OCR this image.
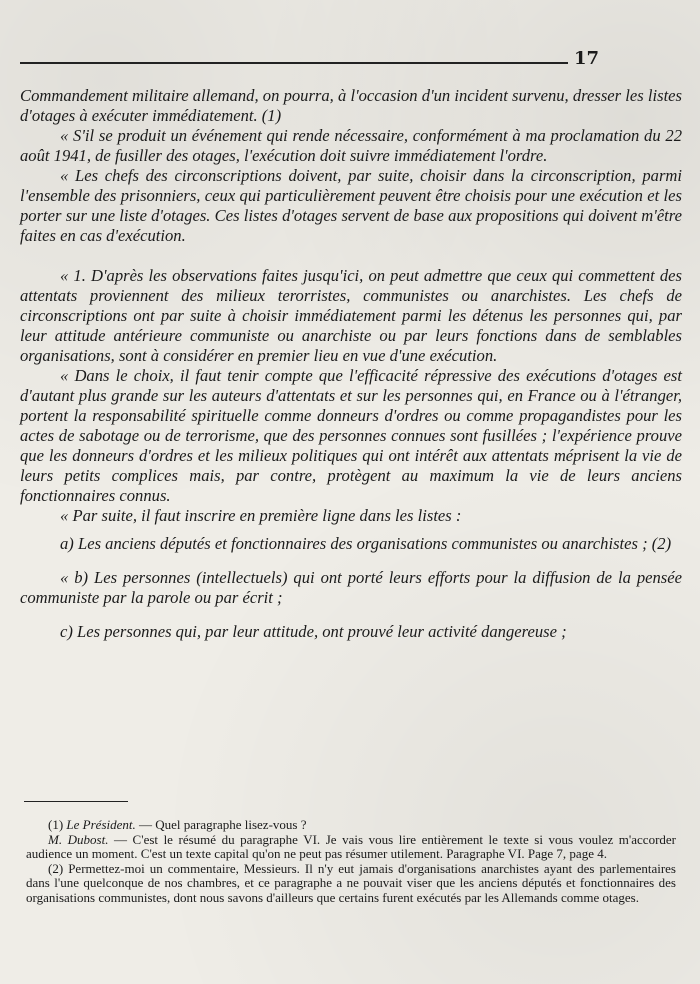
17

Commandement militaire allemand, on pourra, à l'occasion d'un incident survenu, dresser les listes d'otages à exécuter immédiatement. (1)

« S'il se produit un événement qui rende nécessaire, conformément à ma proclamation du 22 août 1941, de fusiller des otages, l'exécution doit suivre immédiatement l'ordre.

« Les chefs des circonscriptions doivent, par suite, choisir dans la circonscription, parmi l'ensemble des prisonniers, ceux qui particulièrement peuvent être choisis pour une exécution et les porter sur une liste d'otages. Ces listes d'otages servent de base aux propositions qui doivent m'être faites en cas d'exécution.

« 1. D'après les observations faites jusqu'ici, on peut admettre que ceux qui commettent des attentats proviennent des milieux terorristes, communistes ou anarchistes. Les chefs de circonscriptions ont par suite à choisir immédiatement parmi les détenus les personnes qui, par leur attitude antérieure communiste ou anarchiste ou par leurs fonctions dans de semblables organisations, sont à considérer en premier lieu en vue d'une exécution.

« Dans le choix, il faut tenir compte que l'efficacité répressive des exécutions d'otages est d'autant plus grande sur les auteurs d'attentats et sur les personnes qui, en France ou à l'étranger, portent la responsabilité spirituelle comme donneurs d'ordres ou comme propagandistes pour les actes de sabotage ou de terrorisme, que des personnes connues sont fusillées ; l'expérience prouve que les donneurs d'ordres et les milieux politiques qui ont intérêt aux attentats méprisent la vie de leurs petits complices mais, par contre, protègent au maximum la vie de leurs anciens fonctionnaires connus.

« Par suite, il faut inscrire en première ligne dans les listes :

a) Les anciens députés et fonctionnaires des organisations communistes ou anarchistes ; (2)

« b) Les personnes (intellectuels) qui ont porté leurs efforts pour la diffusion de la pensée communiste par la parole ou par écrit ;

c) Les personnes qui, par leur attitude, ont prouvé leur activité dangereuse ;

(1) Le Président. — Quel paragraphe lisez-vous ?

M. Dubost. — C'est le résumé du paragraphe VI. Je vais vous lire entièrement le texte si vous voulez m'accorder audience un moment. C'est un texte capital qu'on ne peut pas résumer utilement. Paragraphe VI. Page 7, page 4.

(2) Permettez-moi un commentaire, Messieurs. Il n'y eut jamais d'organisations anarchistes ayant des parlementaires dans l'une quelconque de nos chambres, et ce paragraphe a ne pouvait viser que les anciens députés et fonctionnaires des organisations communistes, dont nous savons d'ailleurs que certains furent exécutés par les Allemands comme otages.
